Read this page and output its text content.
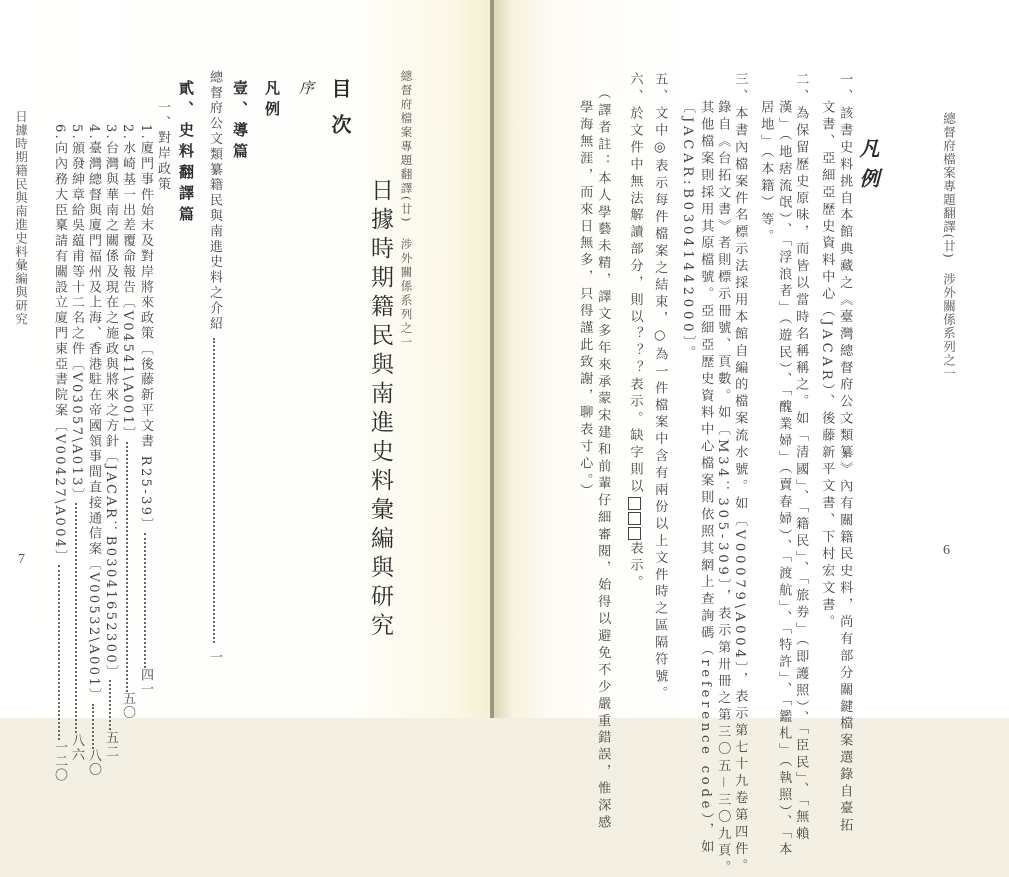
日據時期籍民與南進史料彙編與研究
7
總督府檔案專題翻譯(廿)　涉外關係系列之一
日據時期籍民與南進史料彙編與研究
目次
序
凡例
壹、導篇
總督府公文類纂籍民與南進史料之介紹  一
貳、史料翻譯篇
一、對岸政策
1.廈門事件始末及對岸將來政策〔後藤新平文書 R25-39〕四一
2.水崎基一出差覆命報告〔V04541\A001〕五〇
3.台灣與華南之關係及現在之施政與將來之方針〔JACAR：B03041652300〕五二
4.臺灣總督與廈門福州及上海、香港駐在帝國領事間直接通信案〔V00532\A001〕八〇
5.頒發紳章給吳藴甫等十二名之件〔V03057\A013〕八六
6.向內務大臣稟請有關設立廈門東亞書院案〔V00427\A004〕一二〇
總督府檔案專題翻譯(廿)　涉外關係系列之一
6
凡例
一、該書史料挑自本館典藏之《臺灣總督府公文類纂》內有關籍民史料，尚有部分關鍵檔案選錄自臺拓
文書、亞細亞歷史資料中心（JACAR）、後藤新平文書、下村宏文書。
二、為保留歷史原味，而皆以當時名稱稱之。如「清國」、「籍民」、「旅券」（即護照）、「臣民」、「無賴
漢」（地痞流氓）、「浮浪者」（遊民）、「醜業婦」（賣春婦）、「渡航」、「特許」、「鑑札」（執照）、「本
居地」（本籍）等。
三、本書內檔案件名標示法採用本館自編的檔案流水號。如〔V00079\A004〕，表示第七十九卷第四件。
錄自《台拓文書》者則標示冊號、頁數。如〔M34：305-309〕，表示第卅冊之第三〇五－三〇九頁。
其他檔案則採用其原檔號。亞細亞歷史資料中心檔案則依照其網上查詢碼（reference code），如
〔JACAR:B03041442000〕。
五、文中◎表示每件檔案之結束，○為一件檔案中含有兩份以上文件時之區隔符號。
六、於文件中無法解讀部分，則以？？？表示。缺字則以表示。
（譯者註：本人學藝未精，譯文多年來承蒙宋建和前輩仔細審閱，始得以避免不少嚴重錯誤，惟深感
學海無涯，而來日無多，只得謹此致謝，聊表寸心。）
